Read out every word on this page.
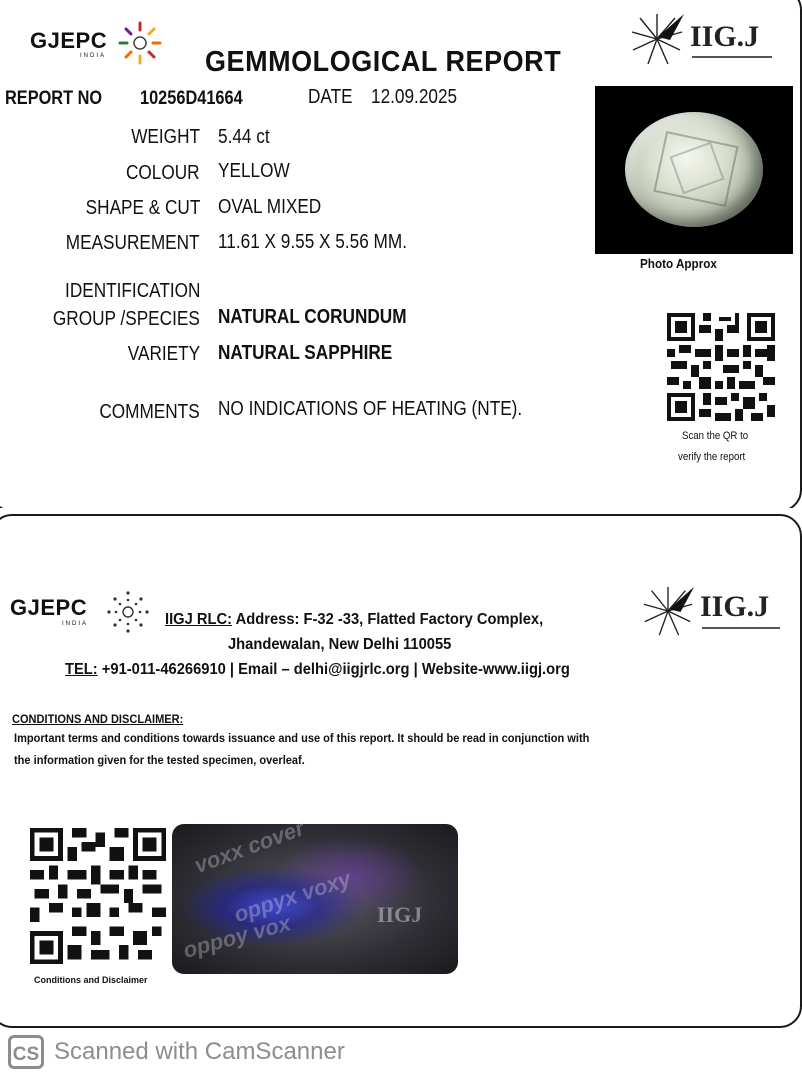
GJEPC
INDIA
IIG.J
GEMMOLOGICAL REPORT
REPORT NO 10256D41664	DATE 12.09.2025
WEIGHT 5.44 ct
COLOUR YELLOW
SHAPE & CUT OVAL MIXED
MEASUREMENT 11.61 X 9.55 X 5.56 MM.
IDENTIFICATION
GROUP /SPECIES NATURAL CORUNDUM
VARIETY NATURAL SAPPHIRE
COMMENTS NO INDICATIONS OF HEATING (NTE).
Photo Approx
Scan the QR to
verify the report
GJEPC
INDIA
IIG.J
IIGJ RLC: Address: F-32 -33, Flatted Factory Complex,
Jhandewalan, New Delhi 110055
TEL: +91-011-46266910 | Email – delhi@iigjrlc.org | Website-www.iigj.org
CONDITIONS AND DISCLAIMER:
Important terms and conditions towards issuance and use of this report. It should be read in conjunction with
the information given for the tested specimen, overleaf.
Conditions and Disclaimer
voxx cover
oppyx voxy
oppoy vox	IIGJ
CS Scanned with CamScanner
